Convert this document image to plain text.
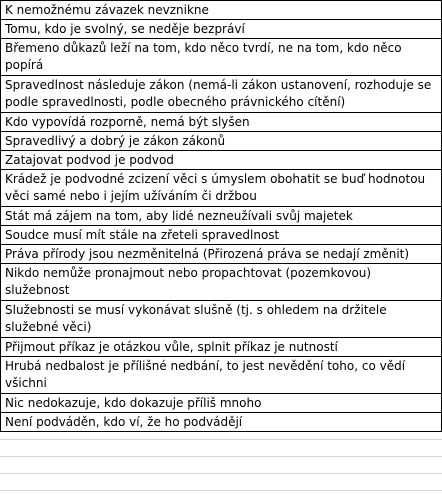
K nemožnému závazek nevznikne
Tomu, kdo je svolný, se neděje bezpráví
Břemeno důkazů leží na tom, kdo něco tvrdí, ne na tom, kdo něco popírá
Spravedlnost následuje zákon (nemá-li zákon ustanovení, rozhoduje se podle spravedlnosti, podle obecného právnického cítění)
Kdo vypovídá rozporně, nemá být slyšen
Spravedlivý a dobrý je zákon zákonů
Zatajovat podvod je podvod
Krádež je podvodné zcizení věci s úmyslem obohatit se buď hodnotou věci samé nebo i jejím užíváním či držbou
Stát má zájem na tom, aby lidé nezneužívali svůj majetek
Soudce musí mít stále na zřeteli spravedlnost
Práva přírody jsou nezměnitelná (Přirozená práva se nedají změnit)
Nikdo nemůže pronajmout nebo propachtovat (pozemkovou) služebnost
Služebnosti se musí vykonávat slušně (tj. s ohledem na držitele služebné věci)
Přijmout příkaz je otázkou vůle, splnit příkaz je nutností
Hrubá nedbalost je přílišné nedbání, to jest nevědění toho, co vědí všichni
Nic nedokazuje, kdo dokazuje příliš mnoho
Není podváděn, kdo ví, že ho podvádějí
